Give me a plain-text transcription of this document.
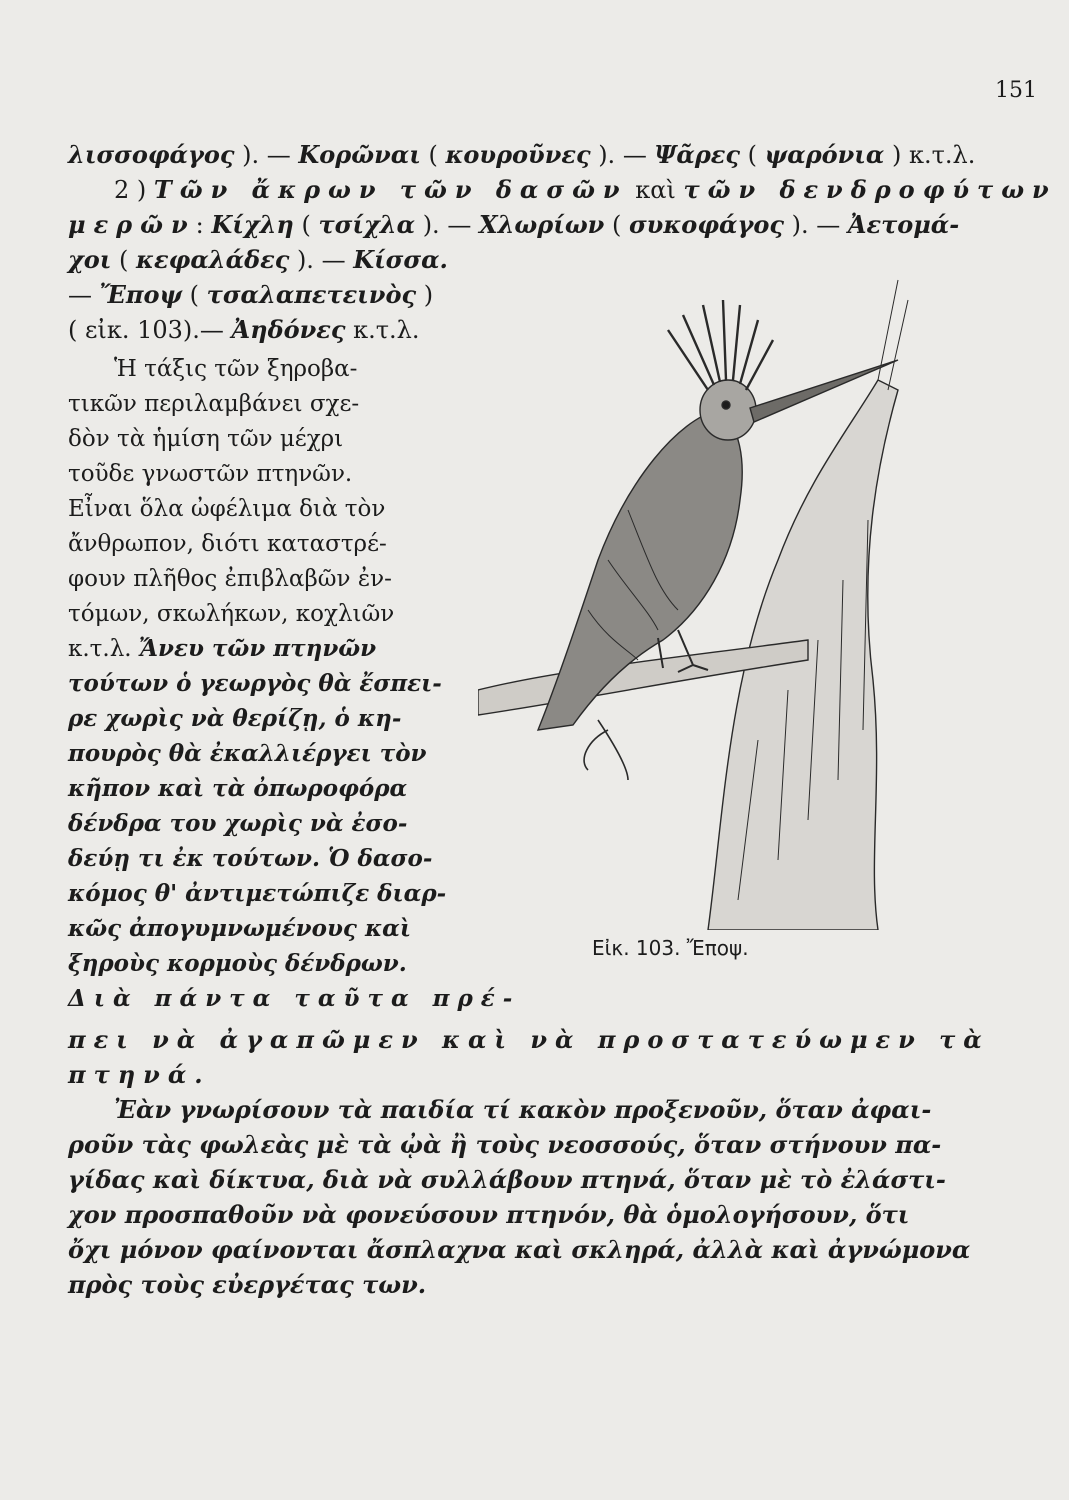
151
λισσοφάγος ). — Κορῶναι ( κουρoῦνες ). — Ψᾶρες ( ψαρόνια ) κ.τ.λ.
2 ) Τῶν ἄκρων τῶν δασῶν καὶ τῶν δενδροφύτων
μερῶν: Κίχλη ( τσίχλα ). — Χλωρίων ( συκοφάγος ). — Ἀετομά-
χοι ( κεφαλάδες ). — Κίσσα.
— Ἔποψ ( τσαλαπετεινὸς )
( εἰκ. 103).— Ἀηδόνες κ.τ.λ.
Ἡ τάξις τῶν ξηροβα-
τικῶν περιλαμβάνει σχε-
δὸν τὰ ἡμίση τῶν μέχρι
τοῦδε γνωστῶν πτηνῶν.
Εἶναι ὅλα ὠφέλιμα διὰ τὸν
ἄνθρωπον, διότι καταστρέ-
φουν πλῆθος ἐπιβλαβῶν ἐν-
τόμων, σκωλήκων, κοχλιῶν
κ.τ.λ. Ἄνευ τῶν πτηνῶν
τούτων ὁ γεωργὸς θὰ ἔσπει-
ρε χωρὶς νὰ θερίζῃ, ὁ κη-
πουρὸς θὰ ἐκαλλιέργει τὸν
κῆπον καὶ τὰ ὀπωροφόρα
δένδρα του χωρὶς νὰ ἐσο-
δεύῃ τι ἐκ τούτων. Ὁ δασο-
κόμος θ' ἀντιμετώπιζε διαρ-
κῶς ἀπογυμνωμένους καὶ
ξηροὺς κορμοὺς δένδρων.
Διὰ πάντα ταῦτα πρέ-
πει νὰ ἀγαπῶμεν καὶ νὰ προστατεύωμεν τὰ
πτηνά.
Ἐὰν γνωρίσουν τὰ παιδία τί κακὸν προξενοῦν, ὅταν ἀφαι-
ροῦν τὰς φωλεὰς μὲ τὰ ᾠὰ ἢ τοὺς νεοσσούς, ὅταν στήνουν πα-
γίδας καὶ δίκτυα, διὰ νὰ συλλάβουν πτηνά, ὅταν μὲ τὸ ἐλάστι-
χον προσπαθοῦν νὰ φονεύσουν πτηνόν, θὰ ὁμολογήσουν, ὅτι
ὄχι μόνον φαίνονται ἄσπλαχνα καὶ σκληρά, ἀλλὰ καὶ ἀγνώμονα
πρὸς τοὺς εὐεργέτας των.
Εἰκ. 103. Ἔποψ.
